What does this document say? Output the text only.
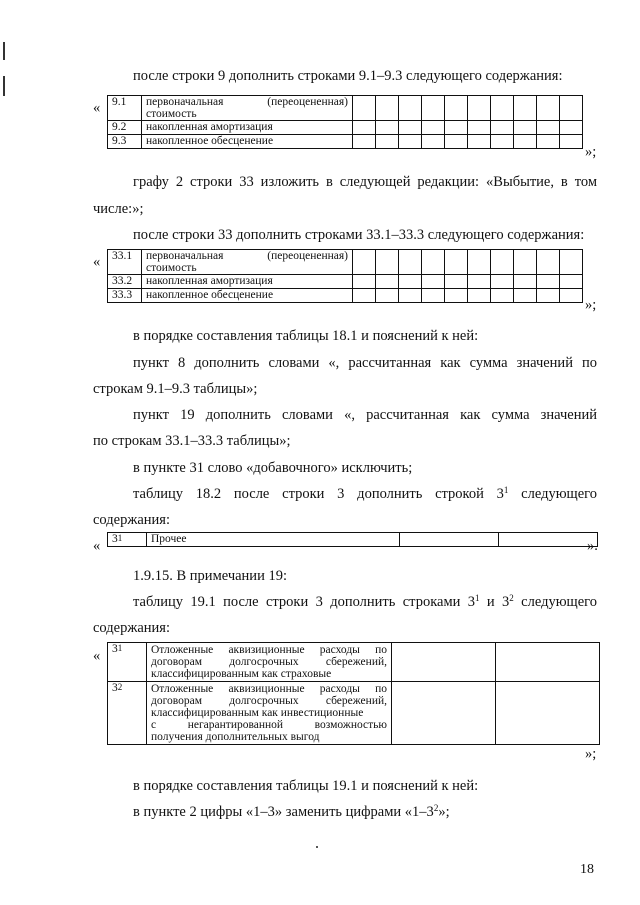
после строки 9 дополнить строками 9.1–9.3 следующего содержания:
« 9.1	первоначальная (переоцененная)
стоимость										
9.2	накопленная амортизация										
9.3	накопленное обесценение										
»;
графу 2 строки 33 изложить в следующей редакции: «Выбытие, в том
числе:»;
после строки 33 дополнить строками 33.1–33.3 следующего содержания:
« 33.1	первоначальная (переоцененная)
стоимость										
33.2	накопленная амортизация										
33.3	накопленное обесценение										
»;
в порядке составления таблицы 18.1 и пояснений к ней:
пункт 8 дополнить словами «, рассчитанная как сумма значений по
строкам 9.1–9.3 таблицы»;
пункт 19 дополнить словами «, рассчитанная как сумма значений
по строкам 33.1–33.3 таблицы»;
в пункте 31 слово «добавочного» исключить;
таблицу 18.2 после строки 3 дополнить строкой $3^1$ следующего
содержания:
« $3^1$	Прочее			».
1.9.15. В примечании 19:
таблицу 19.1 после строки 3 дополнить строками $3^1$ и $3^2$ следующего
содержания:
« $3^1$	Отложенные аквизиционные расходы по
договорам долгосрочных сбережений,
классифицированным как страховые		

$3^2$	Отложенные аквизиционные расходы по
договорам долгосрочных сбережений,
классифицированным как инвестиционные
с негарантированной возможностью
получения дополнительных выгод		

»;
в порядке составления таблицы 19.1 и пояснений к ней:
в пункте 2 цифры «1–3» заменить цифрами «$1-3^2$»;
18
